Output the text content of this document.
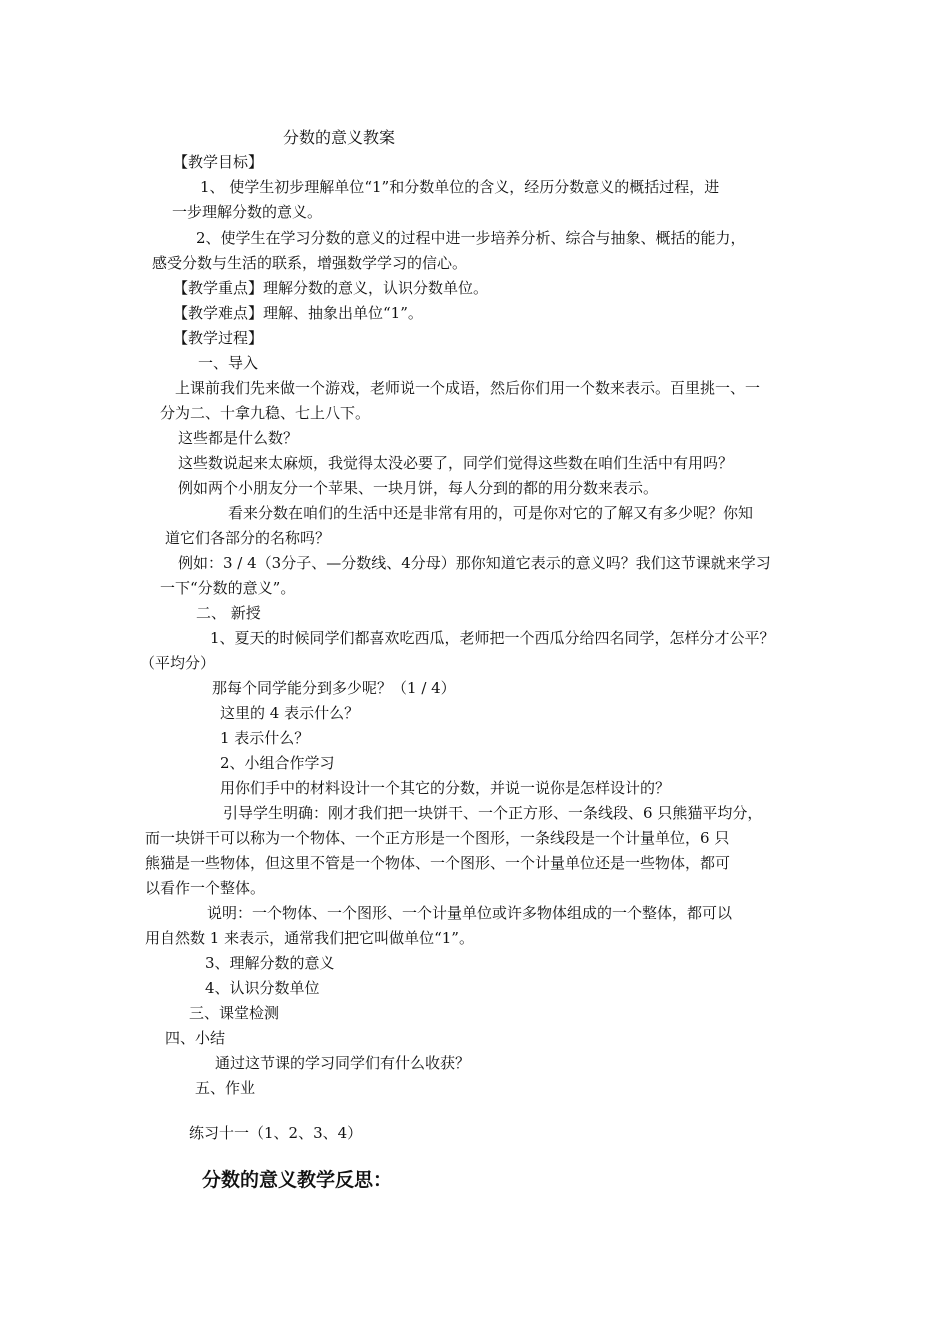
分数的意义教案
【教学目标】
1、 使学生初步理解单位“1”和分数单位的含义，经历分数意义的概括过程，进
一步理解分数的意义。
2、使学生在学习分数的意义的过程中进一步培养分析、综合与抽象、概括的能力，
感受分数与生活的联系，增强数学学习的信心。
【教学重点】理解分数的意义，认识分数单位。
【教学难点】理解、抽象出单位“1”。
【教学过程】
一、导入
上课前我们先来做一个游戏，老师说一个成语，然后你们用一个数来表示。百里挑一、一
分为二、十拿九稳、七上八下。
这些都是什么数？
这些数说起来太麻烦，我觉得太没必要了，同学们觉得这些数在咱们生活中有用吗？
例如两个小朋友分一个苹果、一块月饼，每人分到的都的用分数来表示。
看来分数在咱们的生活中还是非常有用的，可是你对它的了解又有多少呢？你知
道它们各部分的名称吗？
例如：3 / 4（3分子、—分数线、4分母）那你知道它表示的意义吗？我们这节课就来学习
一下“分数的意义”。
二、 新授
1、夏天的时候同学们都喜欢吃西瓜，老师把一个西瓜分给四名同学，怎样分才公平？
（平均分）
那每个同学能分到多少呢？（1 / 4）
这里的 4 表示什么？
1 表示什么？
2、小组合作学习
用你们手中的材料设计一个其它的分数，并说一说你是怎样设计的？
引导学生明确：刚才我们把一块饼干、一个正方形、一条线段、6 只熊猫平均分，
而一块饼干可以称为一个物体、一个正方形是一个图形，一条线段是一个计量单位，6 只
熊猫是一些物体，但这里不管是一个物体、一个图形、一个计量单位还是一些物体，都可
以看作一个整体。
说明：一个物体、一个图形、一个计量单位或许多物体组成的一个整体，都可以
用自然数 1 来表示，通常我们把它叫做单位“1”。
3、理解分数的意义
4、认识分数单位
三、课堂检测
四、小结
通过这节课的学习同学们有什么收获？
五、作业
练习十一（1、2、3、4）
分数的意义教学反思：
